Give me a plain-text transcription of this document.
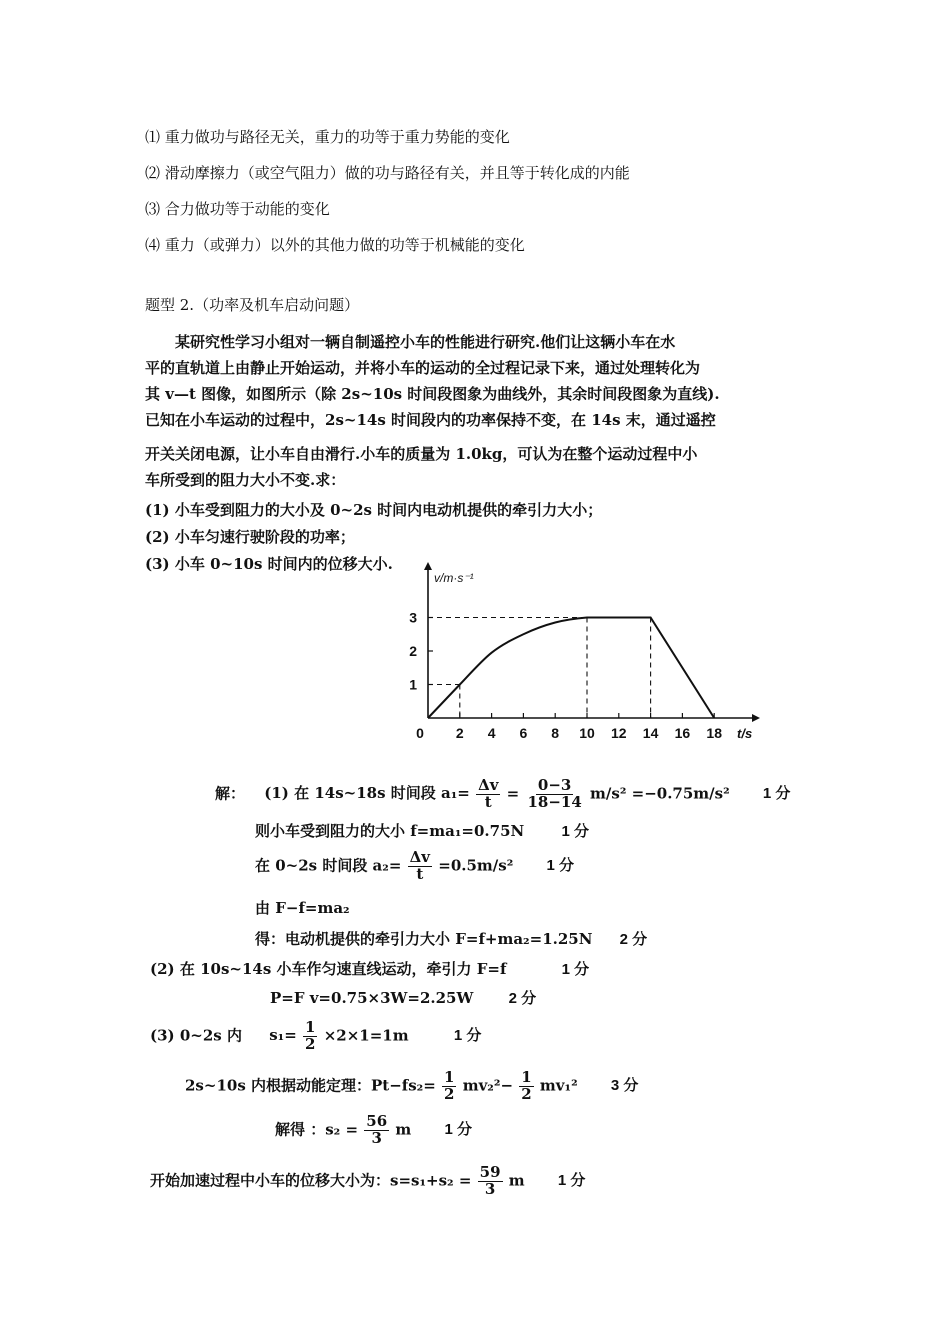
⑴ 重力做功与路径无关，重力的功等于重力势能的变化
⑵ 滑动摩擦力（或空气阻力）做的功与路径有关，并且等于转化成的内能
⑶ 合力做功等于动能的变化
⑷ 重力（或弹力）以外的其他力做的功等于机械能的变化
题型 2.（功率及机车启动问题）
某研究性学习小组对一辆自制遥控小车的性能进行研究.他们让这辆小车在水
平的直轨道上由静止开始运动，并将小车的运动的全过程记录下来，通过处理转化为
其 v—t 图像，如图所示（除 2s~10s 时间段图象为曲线外，其余时间段图象为直线).
已知在小车运动的过程中，2s~14s 时间段内的功率保持不变，在 14s 末，通过遥控
开关关闭电源，让小车自由滑行.小车的质量为 1.0kg，可认为在整个运动过程中小
车所受到的阻力大小不变.求：
(1) 小车受到阻力的大小及 0~2s 时间内电动机提供的牵引力大小；
(2) 小车匀速行驶阶段的功率；
(3) 小车 0~10s 时间内的位移大小.
0 2 4 6 8 10 12 14 16 18
1
2
3
v/m·s⁻¹
t/s
解： (1) 在 14s~18s 时间段 $a_1= \frac{\Delta v}{t} = \frac{0-3}{18-14} m/s^2 =-0.75m/s^2$ 1 分
则小车受到阻力的大小 f=ma₁=0.75N 1 分
在 0~2s 时间段 $a_2= \frac{\Delta v}{t} =0.5m/s^2$ 1 分
由 F−f=ma₂
得：电动机提供的牵引力大小 F=f+ma₂=1.25N 2 分
(2) 在 10s~14s 小车作匀速直线运动，牵引力 F=f	1 分
P=F v=0.75×3W=2.25W 2 分
(3) 0~2s 内 $s_1= \frac{1}{2} \times 2\times 1=1m$	1 分
2s~10s 内根据动能定理：$Pt-fs_2= \frac{1}{2} mv_2^2- \frac{1}{2} mv_1^2$ 3 分
解得 ：$s_2 = \frac{56}{3}$ m 1 分
开始加速过程中小车的位移大小为：$s=s_1+s_2 = \frac{59}{3}$ m 1 分
